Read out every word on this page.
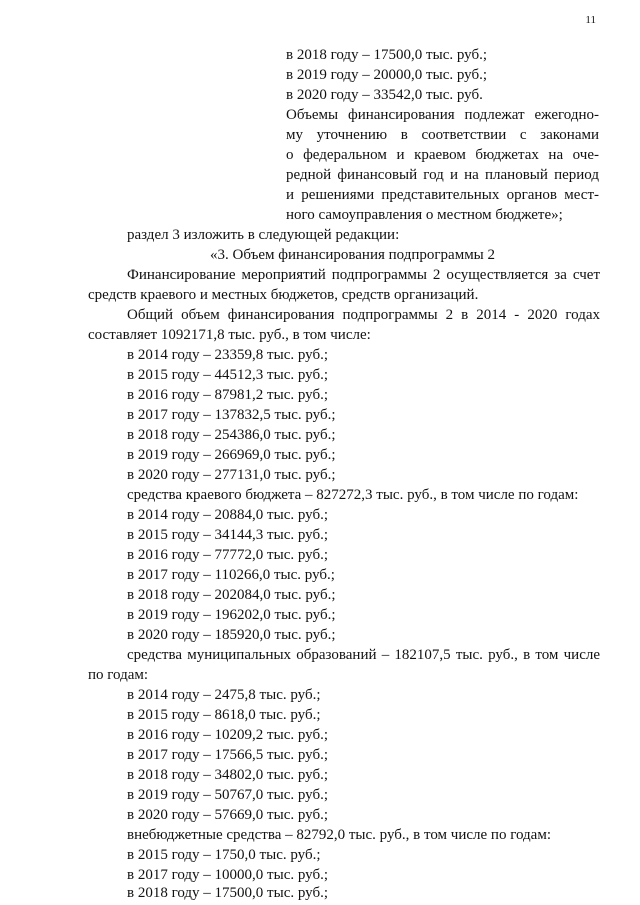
11
в 2018 году – 17500,0 тыс. руб.;
в 2019 году – 20000,0 тыс. руб.;
в 2020 году – 33542,0 тыс. руб.
Объемы финансирования подлежат ежегодно-
му уточнению в соответствии с законами
о федеральном и краевом бюджетах на оче-
редной финансовый год и на плановый период
и решениями представительных органов мест-
ного самоуправления о местном бюджете»;
раздел 3 изложить в следующей редакции:
«3. Объем финансирования подпрограммы 2
Финансирование мероприятий подпрограммы 2 осуществляется за счет
средств краевого и местных бюджетов, средств организаций.
Общий объем финансирования подпрограммы 2 в 2014 - 2020 годах
составляет 1092171,8 тыс. руб., в том числе:
в 2014 году – 23359,8 тыс. руб.;
в 2015 году – 44512,3 тыс. руб.;
в 2016 году – 87981,2 тыс. руб.;
в 2017 году – 137832,5 тыс. руб.;
в 2018 году – 254386,0 тыс. руб.;
в 2019 году – 266969,0 тыс. руб.;
в 2020 году – 277131,0 тыс. руб.;
средства краевого бюджета – 827272,3 тыс. руб., в том числе по годам:
в 2014 году – 20884,0 тыс. руб.;
в 2015 году – 34144,3 тыс. руб.;
в 2016 году – 77772,0 тыс. руб.;
в 2017 году – 110266,0 тыс. руб.;
в 2018 году – 202084,0 тыс. руб.;
в 2019 году – 196202,0 тыс. руб.;
в 2020 году – 185920,0 тыс. руб.;
средства муниципальных образований – 182107,5 тыс. руб., в том числе
по годам:
в 2014 году – 2475,8 тыс. руб.;
в 2015 году – 8618,0 тыс. руб.;
в 2016 году – 10209,2 тыс. руб.;
в 2017 году – 17566,5 тыс. руб.;
в 2018 году – 34802,0 тыс. руб.;
в 2019 году – 50767,0 тыс. руб.;
в 2020 году – 57669,0 тыс. руб.;
внебюджетные средства – 82792,0 тыс. руб., в том числе по годам:
в 2015 году – 1750,0 тыс. руб.;
в 2017 году – 10000,0 тыс. руб.;
в 2018 году – 17500,0 тыс. руб.;
